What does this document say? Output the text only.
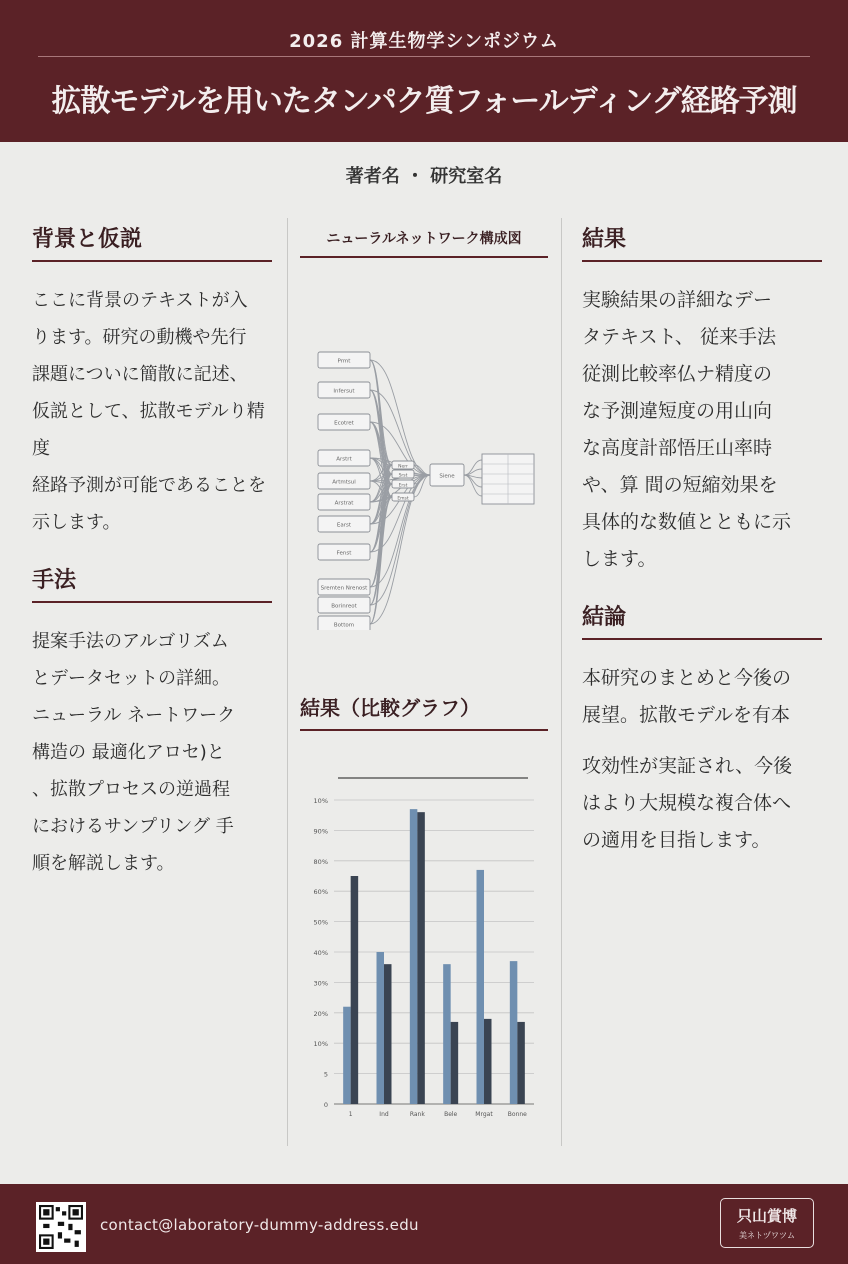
2026 計算生物学シンポジウム
拡散モデルを用いたタンパク質フォールディング経路予測
著者名 ・ 研究室名
背景と仮説
ここに背景のテキストが入
ります。研究の動機や先行
課題についに簡散に記述、
仮説として、拡散モデルり精度
経路予測が可能であることを
示します。
手法
提案手法のアルゴリズム
とデータセットの詳細。
ニューラル ネートワーク
構造の 最適化アロセ)と
、拡散プロセスの逆過程
におけるサンプリング 手
順を解説します。
ニューラルネットワーク構成図
Prmt
Infersut
Ecotret
Arstrt
Artmtsul
Arstrat
Earst
Fenst
Sremten Nrenost
Borinreot
Bottom
Nerr
Srst
Erst
Emst
Siene
結果（比較グラフ）
10%
90%
80%
60%
50%
40%
30%
20%
10%
5
0
1	Ind	Rank	Bele	Mrgat	Bonne
結果
実験結果の詳細なデー
タテキスト、 従来手法
従測比較率仏ナ精度の
な予測違短度の用山向
な高度計部悟圧山率時
や、算 間の短縮効果を
具体的な数値とともに示
します。
結論
本研究のまとめと今後の
展望。拡散モデルを有本
攻効性が実証され、今後
はより大規模な複合体へ
の適用を目指します。
contact@laboratory-dummy-address.edu	只山賞博
美ネトヅワツム
